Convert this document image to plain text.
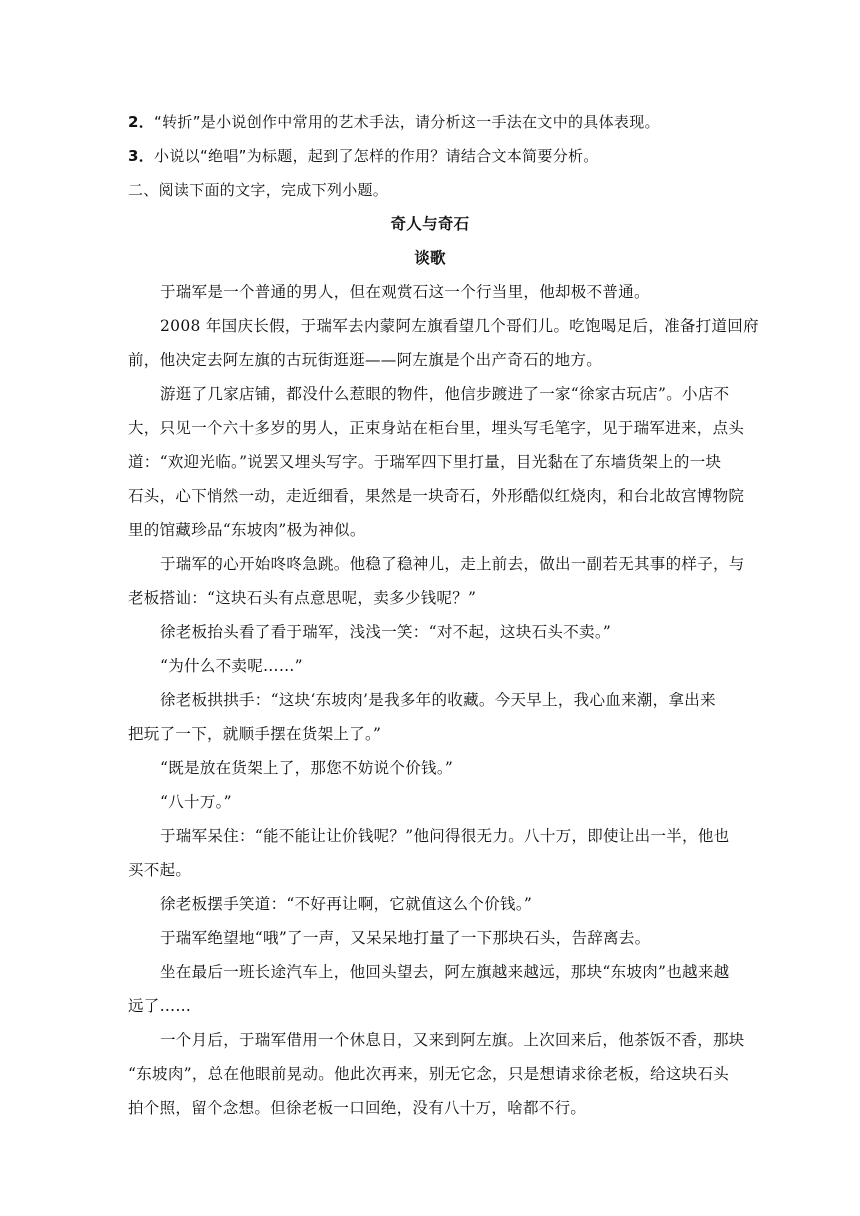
2．“转折”是小说创作中常用的艺术手法，请分析这一手法在文中的具体表现。
3．小说以“绝唱”为标题，起到了怎样的作用？请结合文本简要分析。
二、阅读下面的文字，完成下列小题。
奇人与奇石
谈歌
于瑞军是一个普通的男人，但在观赏石这一个行当里，他却极不普通。
2008 年国庆长假，于瑞军去内蒙阿左旗看望几个哥们儿。吃饱喝足后，准备打道回府
前，他决定去阿左旗的古玩街逛逛——阿左旗是个出产奇石的地方。
游逛了几家店铺，都没什么惹眼的物件，他信步踱进了一家“徐家古玩店”。小店不
大，只见一个六十多岁的男人，正束身站在柜台里，埋头写毛笔字，见于瑞军进来，点头
道：“欢迎光临。”说罢又埋头写字。于瑞军四下里打量，目光黏在了东墙货架上的一块
石头，心下悄然一动，走近细看，果然是一块奇石，外形酷似红烧肉，和台北故宫博物院
里的馆藏珍品“东坡肉”极为神似。
于瑞军的心开始咚咚急跳。他稳了稳神儿，走上前去，做出一副若无其事的样子，与
老板搭讪：“这块石头有点意思呢，卖多少钱呢？”
徐老板抬头看了看于瑞军，浅浅一笑：“对不起，这块石头不卖。”
“为什么不卖呢……”
徐老板拱拱手：“这块‘东坡肉’是我多年的收藏。今天早上，我心血来潮，拿出来
把玩了一下，就顺手摆在货架上了。”
“既是放在货架上了，那您不妨说个价钱。”
“八十万。”
于瑞军呆住：“能不能让让价钱呢？”他问得很无力。八十万，即使让出一半，他也
买不起。
徐老板摆手笑道：“不好再让啊，它就值这么个价钱。”
于瑞军绝望地“哦”了一声，又呆呆地打量了一下那块石头，告辞离去。
坐在最后一班长途汽车上，他回头望去，阿左旗越来越远，那块“东坡肉”也越来越
远了……
一个月后，于瑞军借用一个休息日，又来到阿左旗。上次回来后，他茶饭不香，那块
“东坡肉”，总在他眼前晃动。他此次再来，别无它念，只是想请求徐老板，给这块石头
拍个照，留个念想。但徐老板一口回绝，没有八十万，啥都不行。
